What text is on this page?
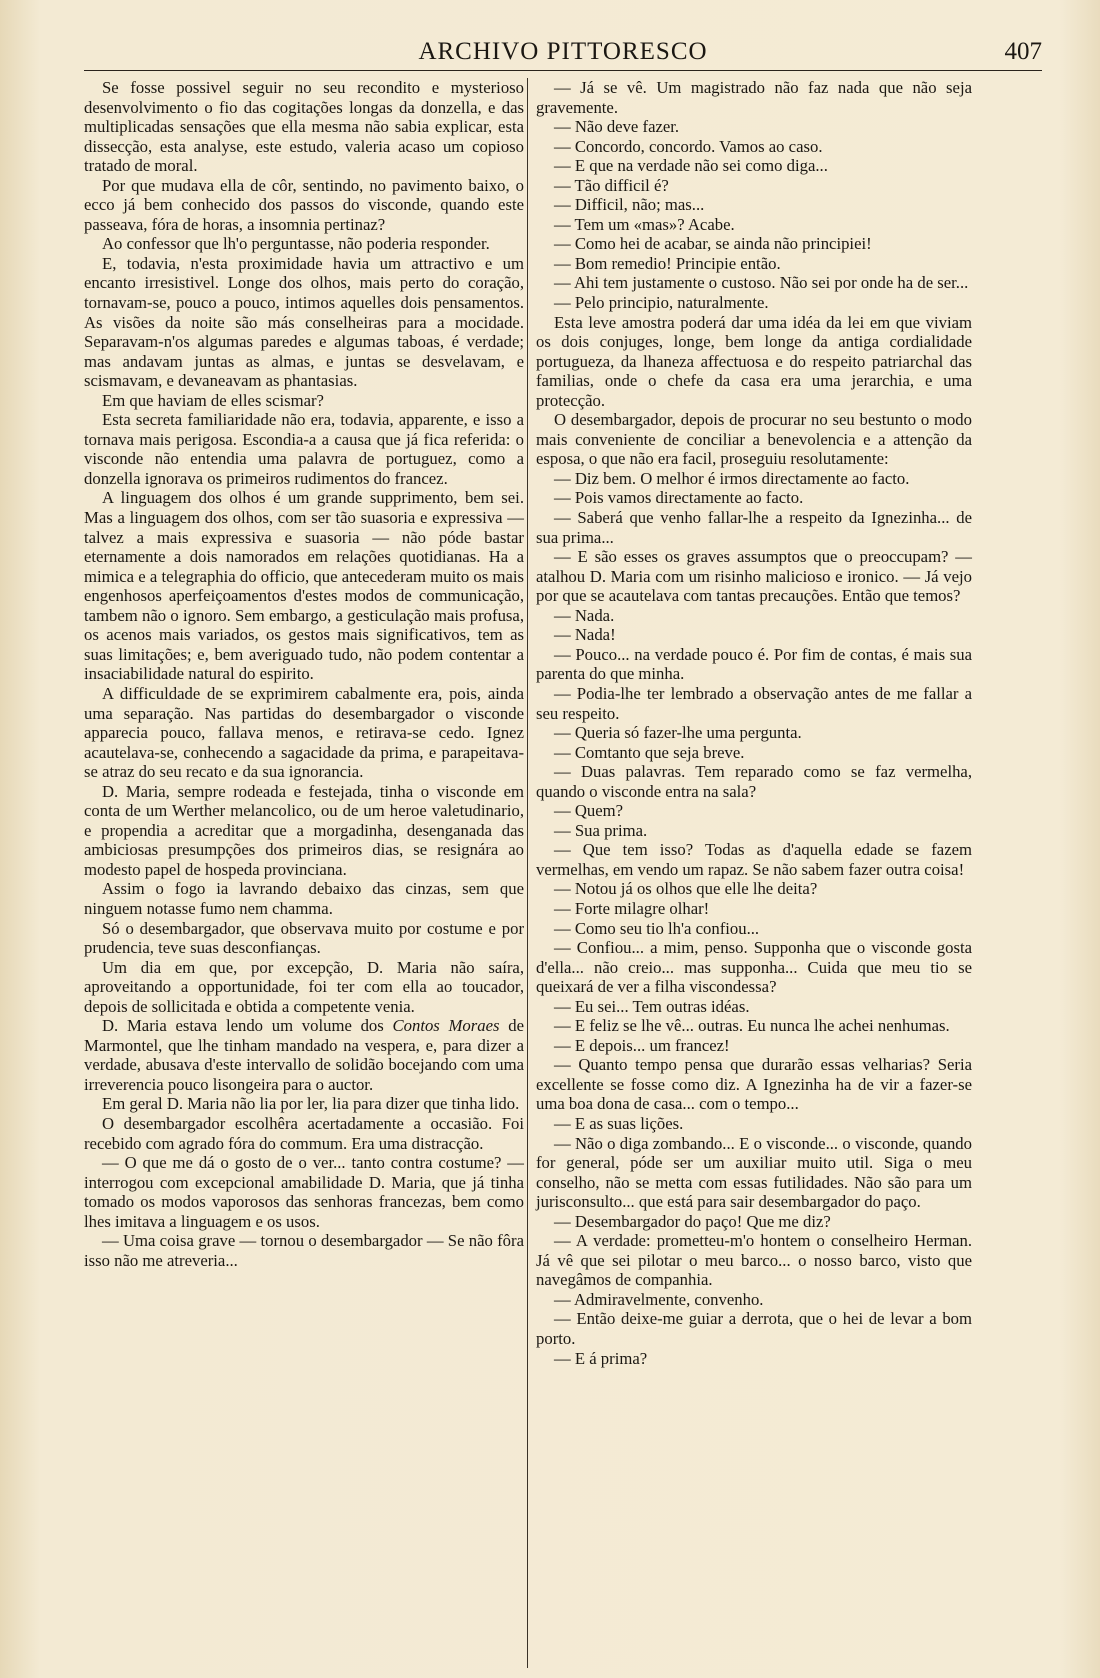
ARCHIVO PITTORESCO	407

Se fosse possivel seguir no seu recondito e mysterioso desenvolvimento o fio das cogitações longas da donzella, e das multiplicadas sensações que ella mesma não sabia explicar, esta dissecção, esta analyse, este estudo, valeria acaso um copioso tratado de moral.

Por que mudava ella de côr, sentindo, no pavimento baixo, o ecco já bem conhecido dos passos do visconde, quando este passeava, fóra de horas, a insomnia pertinaz?

Ao confessor que lh'o perguntasse, não poderia responder.

E, todavia, n'esta proximidade havia um attractivo e um encanto irresistivel. Longe dos olhos, mais perto do coração, tornavam-se, pouco a pouco, intimos aquelles dois pensamentos. As visões da noite são más conselheiras para a mocidade. Separavam-n'os algumas paredes e algumas taboas, é verdade; mas andavam juntas as almas, e juntas se desvelavam, e scismavam, e devaneavam as phantasias.

Em que haviam de elles scismar?

Esta secreta familiaridade não era, todavia, apparente, e isso a tornava mais perigosa. Escondia-a a causa que já fica referida: o visconde não entendia uma palavra de portuguez, como a donzella ignorava os primeiros rudimentos do francez.

A linguagem dos olhos é um grande supprimento, bem sei. Mas a linguagem dos olhos, com ser tão suasoria e expressiva — talvez a mais expressiva e suasoria — não póde bastar eternamente a dois namorados em relações quotidianas. Ha a mimica e a telegraphia do officio, que antecederam muito os mais engenhosos aperfeiçoamentos d'estes modos de communicação, tambem não o ignoro. Sem embargo, a gesticulação mais profusa, os acenos mais variados, os gestos mais significativos, tem as suas limitações; e, bem averiguado tudo, não podem contentar a insaciabilidade natural do espirito.

A difficuldade de se exprimirem cabalmente era, pois, ainda uma separação. Nas partidas do desembargador o visconde apparecia pouco, fallava menos, e retirava-se cedo. Ignez acautelava-se, conhecendo a sagacidade da prima, e parapeitava-se atraz do seu recato e da sua ignorancia.

D. Maria, sempre rodeada e festejada, tinha o visconde em conta de um Werther melancolico, ou de um heroe valetudinario, e propendia a acreditar que a morgadinha, desenganada das ambiciosas presumpções dos primeiros dias, se resignára ao modesto papel de hospeda provinciana.

Assim o fogo ia lavrando debaixo das cinzas, sem que ninguem notasse fumo nem chamma.

Só o desembargador, que observava muito por costume e por prudencia, teve suas desconfianças.

Um dia em que, por excepção, D. Maria não saíra, aproveitando a opportunidade, foi ter com ella ao toucador, depois de sollicitada e obtida a competente venia.

D. Maria estava lendo um volume dos Contos Moraes de Marmontel, que lhe tinham mandado na vespera, e, para dizer a verdade, abusava d'este intervallo de solidão bocejando com uma irreverencia pouco lisongeira para o auctor.

Em geral D. Maria não lia por ler, lia para dizer que tinha lido.

O desembargador escolhêra acertadamente a occasião. Foi recebido com agrado fóra do commum. Era uma distracção.

— O que me dá o gosto de o ver... tanto contra costume? — interrogou com excepcional amabilidade D. Maria, que já tinha tomado os modos vaporosos das senhoras francezas, bem como lhes imitava a linguagem e os usos.

— Uma coisa grave — tornou o desembargador — Se não fôra isso não me atreveria...

— Já se vê. Um magistrado não faz nada que não seja gravemente.

— Não deve fazer.

— Concordo, concordo. Vamos ao caso.

— E que na verdade não sei como diga...

— Tão difficil é?

— Difficil, não; mas...

— Tem um «mas»? Acabe.

— Como hei de acabar, se ainda não principiei!

— Bom remedio! Principie então.

— Ahi tem justamente o custoso. Não sei por onde ha de ser...

— Pelo principio, naturalmente.

Esta leve amostra poderá dar uma idéa da lei em que viviam os dois conjuges, longe, bem longe da antiga cordialidade portugueza, da lhaneza affectuosa e do respeito patriarchal das familias, onde o chefe da casa era uma jerarchia, e uma protecção.

O desembargador, depois de procurar no seu bestunto o modo mais conveniente de conciliar a benevolencia e a attenção da esposa, o que não era facil, proseguiu resolutamente:

— Diz bem. O melhor é irmos directamente ao facto.

— Pois vamos directamente ao facto.

— Saberá que venho fallar-lhe a respeito da Ignezinha... de sua prima...

— E são esses os graves assumptos que o preoccupam? — atalhou D. Maria com um risinho malicioso e ironico. — Já vejo por que se acautelava com tantas precauções. Então que temos?

— Nada.

— Nada!

— Pouco... na verdade pouco é. Por fim de contas, é mais sua parenta do que minha.

— Podia-lhe ter lembrado a observação antes de me fallar a seu respeito.

— Queria só fazer-lhe uma pergunta.

— Comtanto que seja breve.

— Duas palavras. Tem reparado como se faz vermelha, quando o visconde entra na sala?

— Quem?

— Sua prima.

— Que tem isso? Todas as d'aquella edade se fazem vermelhas, em vendo um rapaz. Se não sabem fazer outra coisa!

— Notou já os olhos que elle lhe deita?

— Forte milagre olhar!

— Como seu tio lh'a confiou...

— Confiou... a mim, penso. Supponha que o visconde gosta d'ella... não creio... mas supponha... Cuida que meu tio se queixará de ver a filha viscondessa?

— Eu sei... Tem outras idéas.

— E feliz se lhe vê... outras. Eu nunca lhe achei nenhumas.

— E depois... um francez!

— Quanto tempo pensa que durarão essas velharias? Seria excellente se fosse como diz. A Ignezinha ha de vir a fazer-se uma boa dona de casa... com o tempo...

— E as suas lições.

— Não o diga zombando... E o visconde... o visconde, quando for general, póde ser um auxiliar muito util. Siga o meu conselho, não se metta com essas futilidades. Não são para um jurisconsulto... que está para sair desembargador do paço.

— Desembargador do paço! Que me diz?

— A verdade: prometteu-m'o hontem o conselheiro Herman. Já vê que sei pilotar o meu barco... o nosso barco, visto que navegâmos de companhia.

— Admiravelmente, convenho.

— Então deixe-me guiar a derrota, que o hei de levar a bom porto.

— E á prima?
